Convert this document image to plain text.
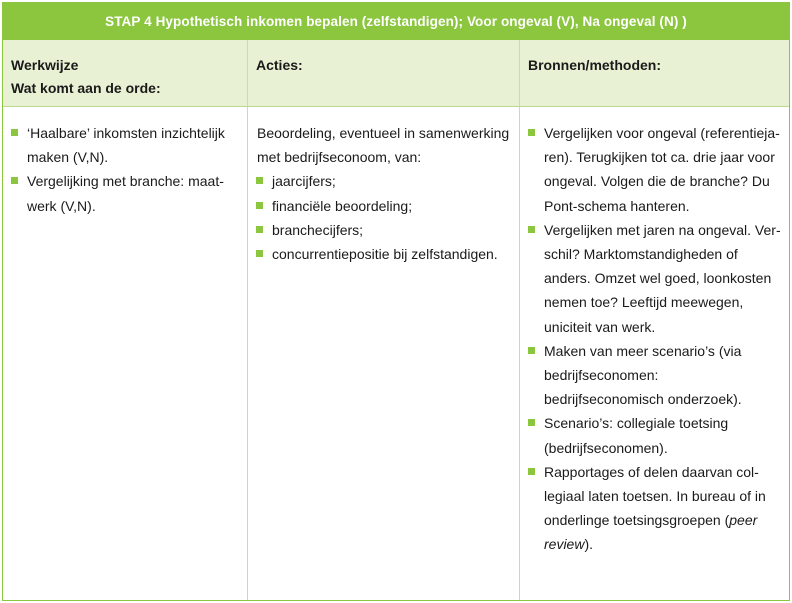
STAP 4 Hypothetisch inkomen bepalen (zelfstandigen); Voor ongeval (V), Na ongeval (N) )
Werkwijze
Wat komt aan de orde:
Acties:	Bronnen/methoden:
‘Haalbare’ inkomsten inzichtelijk maken (V,N).
Vergelijking met branche: maatwerk (V,N).
Beoordeling, eventueel in samenwerking met bedrijfseconoom, van:
jaarcijfers;
financiële beoordeling;
branchecijfers;
concurrentiepositie bij zelfstandigen.
Vergelijken voor ongeval (referentiejaren). Terugkijken tot ca. drie jaar voor ongeval. Volgen die de branche? Du Pont-schema hanteren.
Vergelijken met jaren na ongeval. Verschil? Marktomstandigheden of anders. Omzet wel goed, loonkosten nemen toe? Leeftijd meewegen, uniciteit van werk.
Maken van meer scenario’s (via bedrijfseconomen: bedrijfseconomisch onderzoek).
Scenario’s: collegiale toetsing (bedrijfseconomen).
Rapportages of delen daarvan collegiaal laten toetsen. In bureau of in onderlinge toetsingsgroepen (peer review).
